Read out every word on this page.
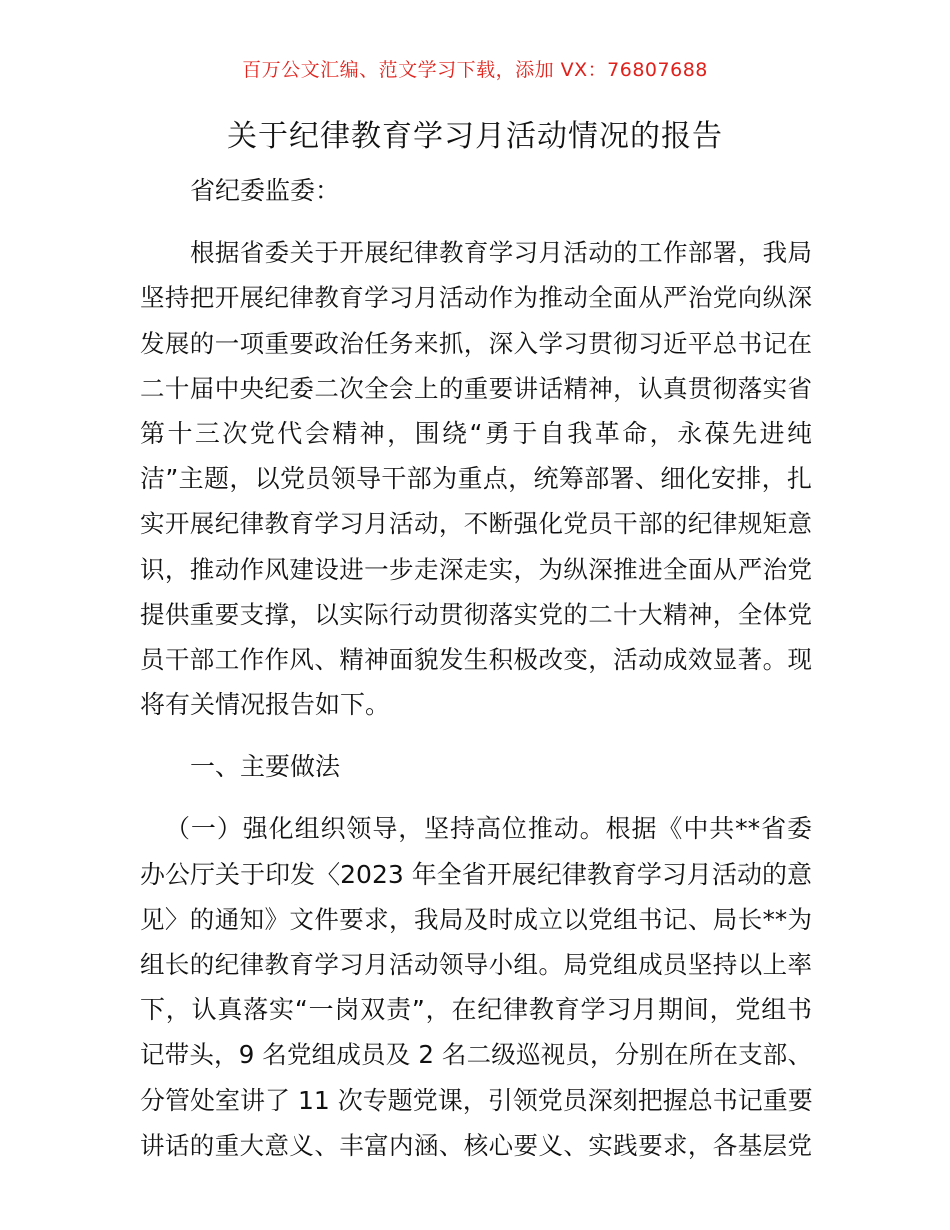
百万公文汇编、范文学习下载，添加 VX：76807688
关于纪律教育学习月活动情况的报告
省纪委监委：
根据省委关于开展纪律教育学习月活动的工作部署，我局
坚持把开展纪律教育学习月活动作为推动全面从严治党向纵深
发展的一项重要政治任务来抓，深入学习贯彻习近平总书记在
二十届中央纪委二次全会上的重要讲话精神，认真贯彻落实省
第十三次党代会精神，围绕“勇于自我革命，永葆先进纯
洁”主题，以党员领导干部为重点，统筹部署、细化安排，扎
实开展纪律教育学习月活动，不断强化党员干部的纪律规矩意
识，推动作风建设进一步走深走实，为纵深推进全面从严治党
提供重要支撑，以实际行动贯彻落实党的二十大精神，全体党
员干部工作作风、精神面貌发生积极改变，活动成效显著。现
将有关情况报告如下。
一、主要做法
（一）强化组织领导，坚持高位推动。根据《中共**省委
办公厅关于印发〈2023 年全省开展纪律教育学习月活动的意
见〉的通知》文件要求，我局及时成立以党组书记、局长**为
组长的纪律教育学习月活动领导小组。局党组成员坚持以上率
下，认真落实“一岗双责”，在纪律教育学习月期间，党组书
记带头，9 名党组成员及 2 名二级巡视员，分别在所在支部、
分管处室讲了 11 次专题党课，引领党员深刻把握总书记重要
讲话的重大意义、丰富内涵、核心要义、实践要求，各基层党
